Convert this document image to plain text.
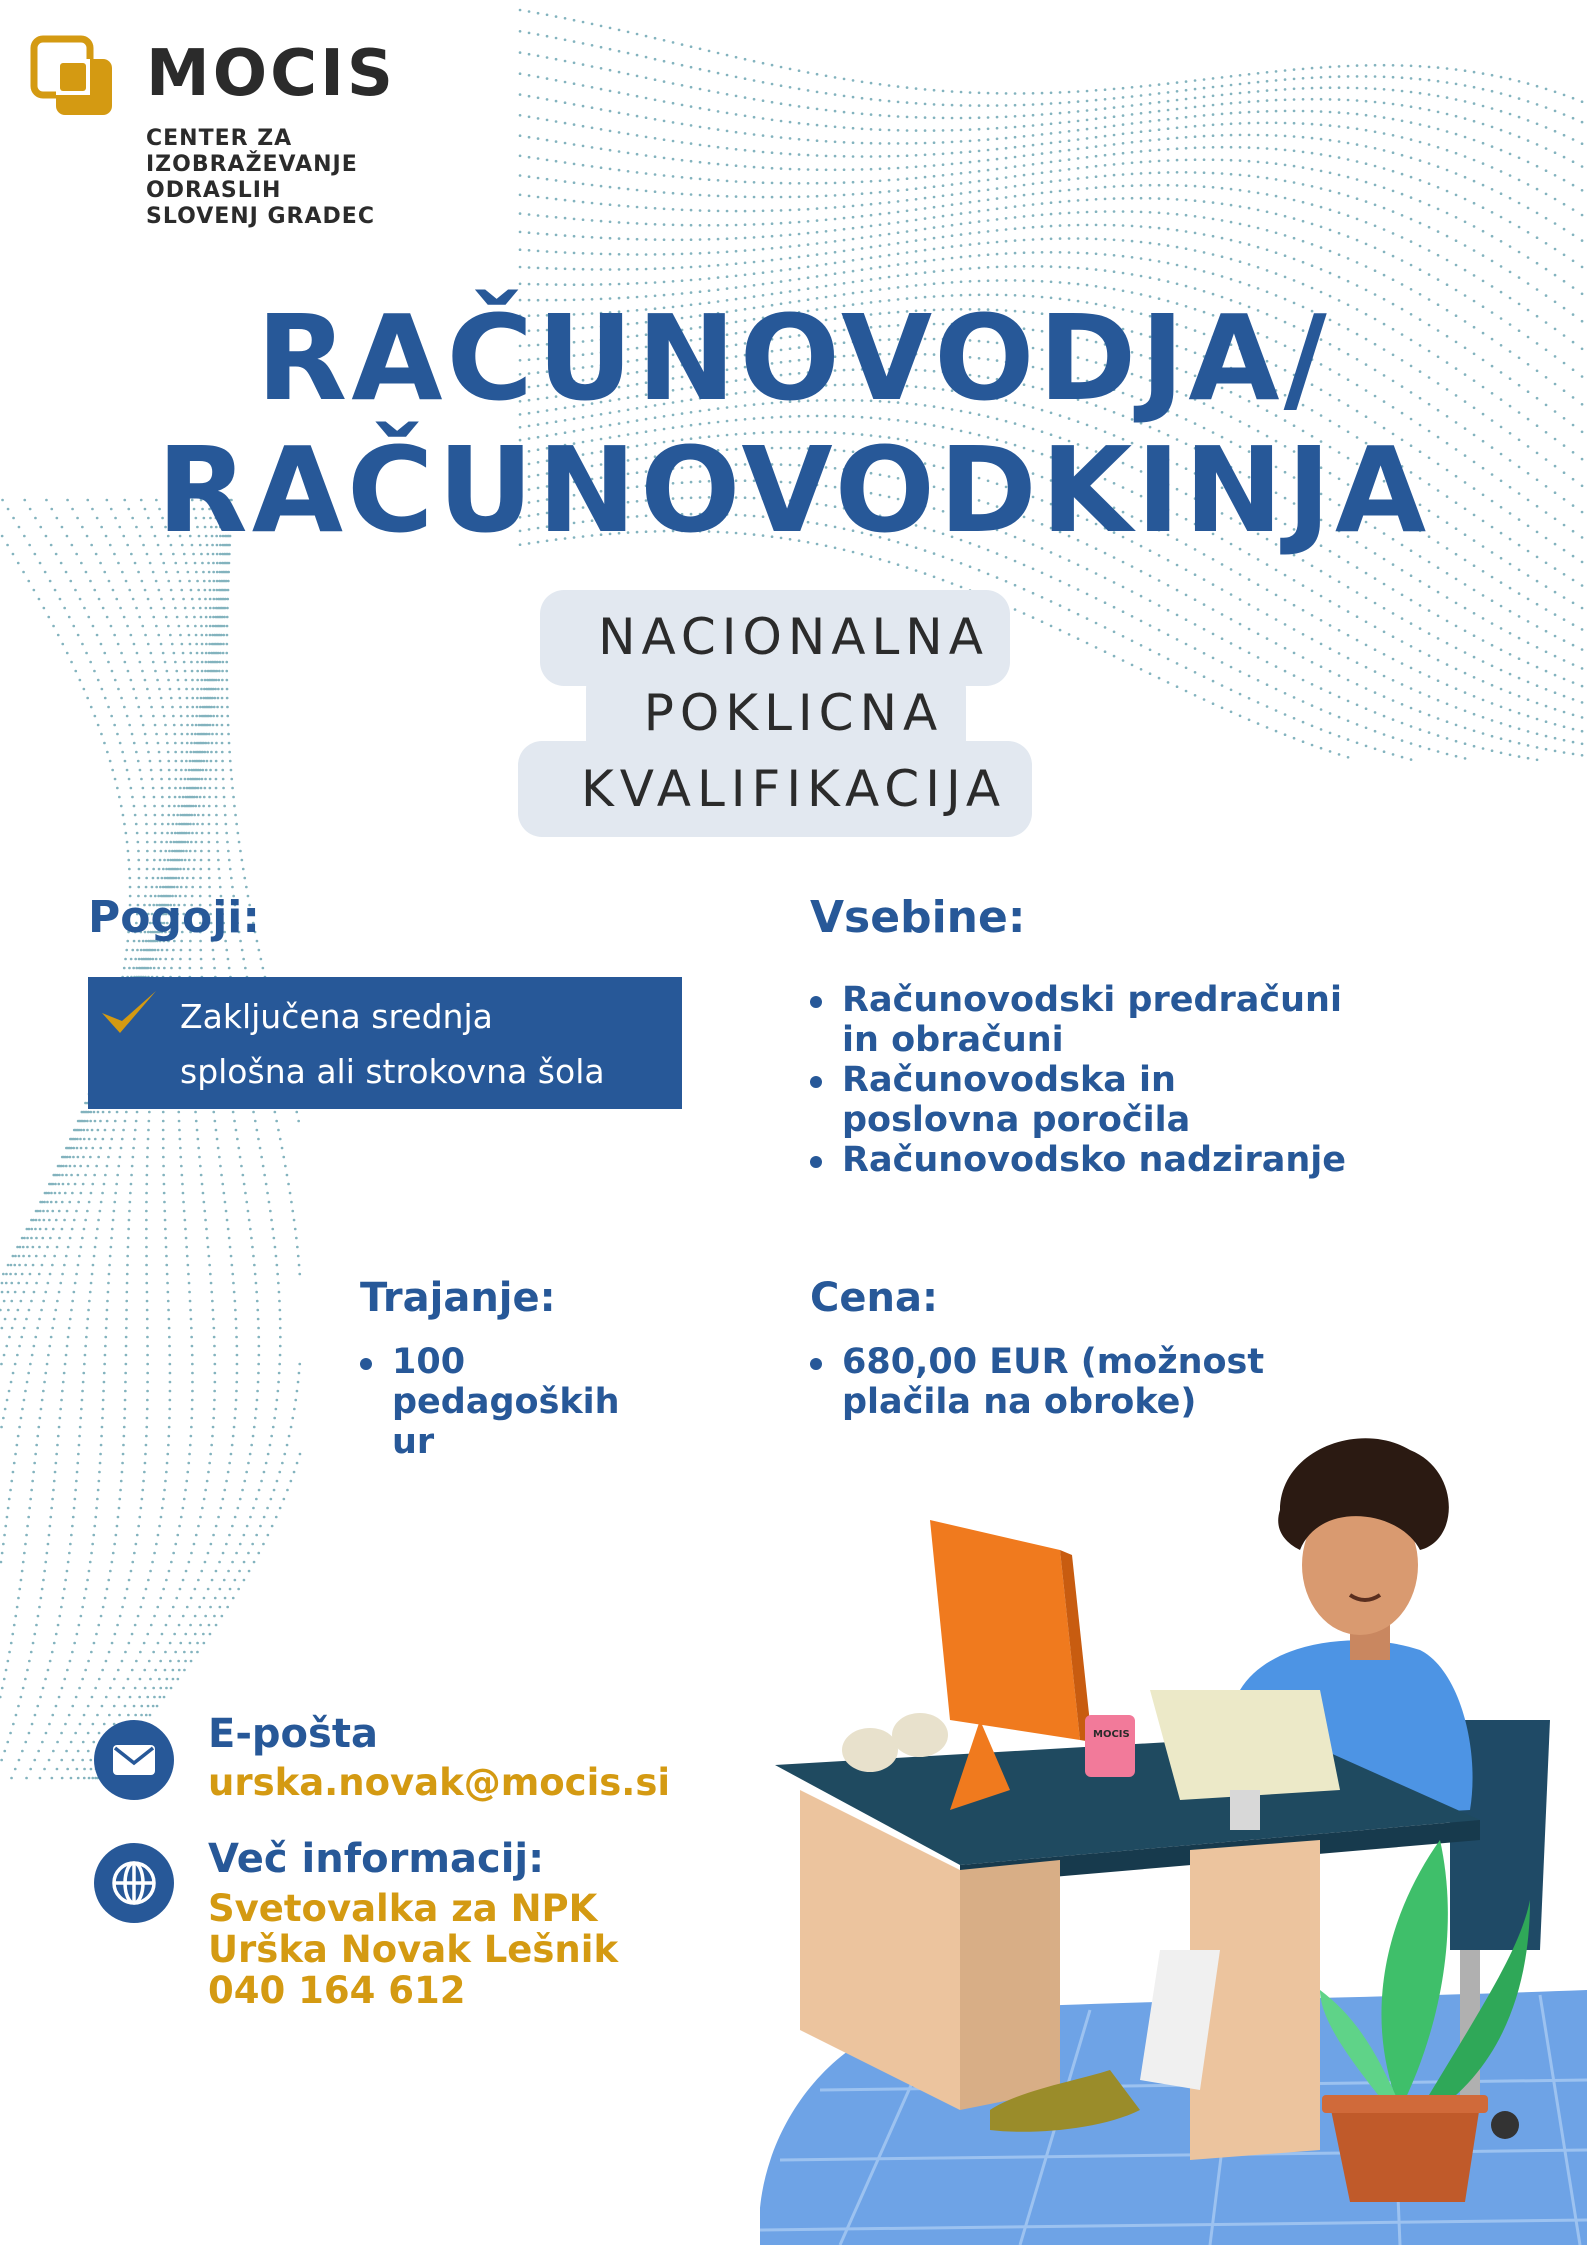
MOCIS
CENTER ZA
IZOBRAŽEVANJE
ODRASLIH
SLOVENJ GRADEC
RAČUNOVODJA/
RAČUNOVODKINJA
NACIONALNA
POKLICNA
KVALIFIKACIJA
Pogoji:
Zaključena srednja
splošna ali strokovna šola
Vsebine:
Računovodski predračuni
in obračuni
Računovodska in
poslovna poročila
Računovodsko nadziranje
Trajanje:
100
pedagoških
ur
Cena:
680,00 EUR (možnost
plačila na obroke)
E-pošta
urska.novak@mocis.si
Več informacij:
Svetovalka za NPK
Urška Novak Lešnik
040 164 612
MOCIS
